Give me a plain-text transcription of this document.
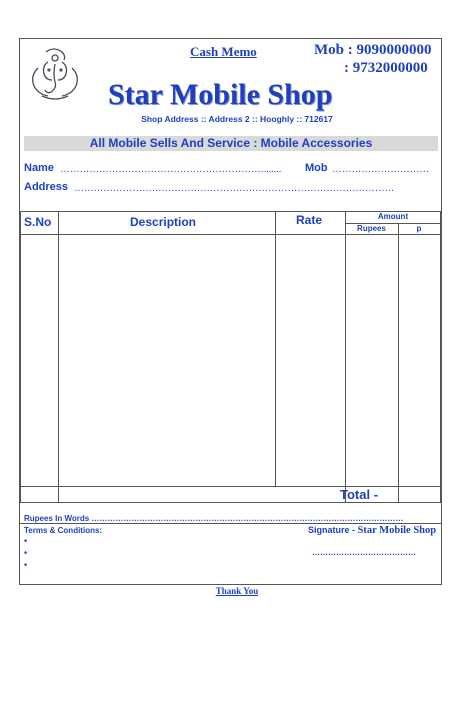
Cash Memo	Mob : 9090000000
: 9732000000
Star Mobile Shop
Shop Address :: Address 2 :: Hooghly :: 712617
All Mobile Sells And Service : Mobile Accessories
Name ………………………………………………………....... Mob …………………………
Address ………………………………………………………………………………………
S.No	Description	Rate	Amount
Rupees	p
Total -
Rupees In Words ………………………………………………………………………………………………………
Terms & Conditions:
*
*
*
Signature - Star Mobile Shop
…………………………………
Thank You
